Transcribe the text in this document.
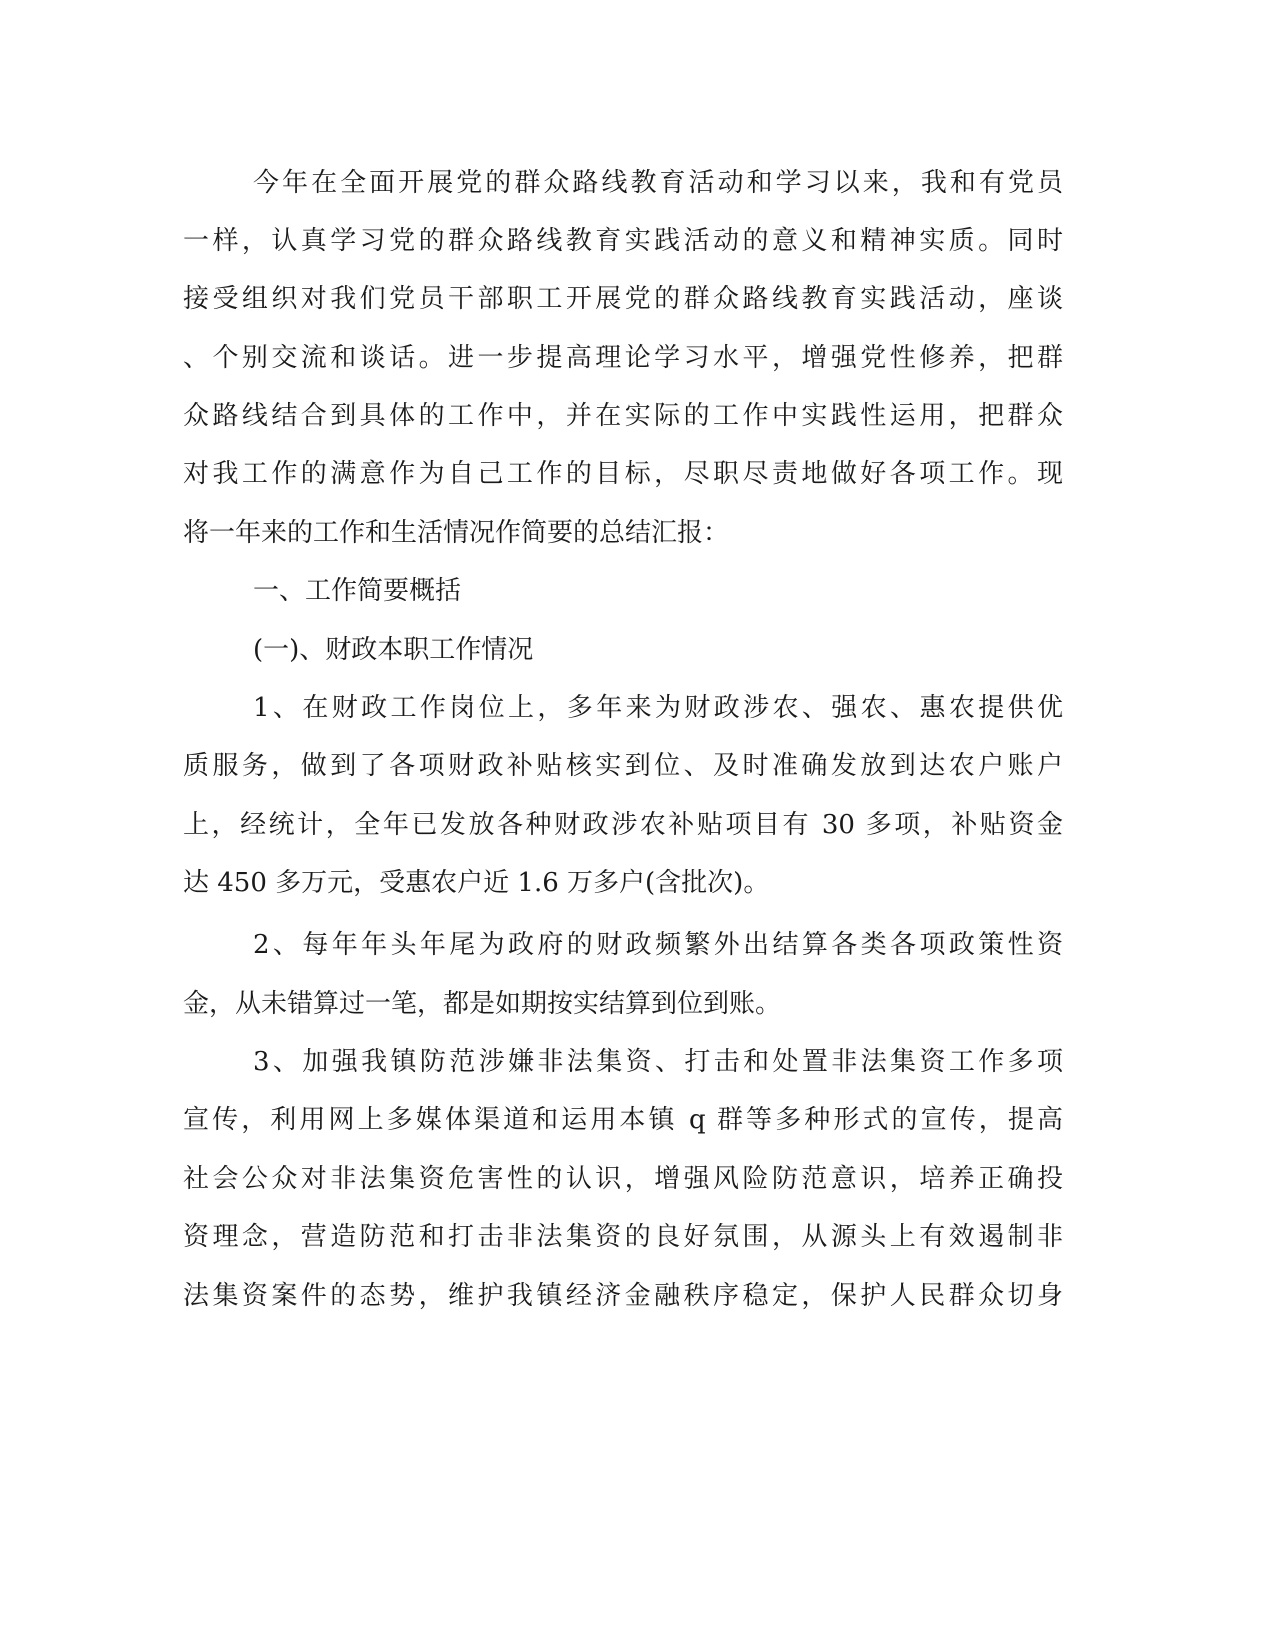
今年在全面开展党的群众路线教育活动和学习以来，我和有党员
一样，认真学习党的群众路线教育实践活动的意义和精神实质。同时
接受组织对我们党员干部职工开展党的群众路线教育实践活动，座谈
、个别交流和谈话。进一步提高理论学习水平，增强党性修养，把群
众路线结合到具体的工作中，并在实际的工作中实践性运用，把群众
对我工作的满意作为自己工作的目标，尽职尽责地做好各项工作。现
将一年来的工作和生活情况作简要的总结汇报：
一、工作简要概括
(一)、财政本职工作情况
1、在财政工作岗位上，多年来为财政涉农、强农、惠农提供优
质服务，做到了各项财政补贴核实到位、及时准确发放到达农户账户
上，经统计，全年已发放各种财政涉农补贴项目有 30 多项，补贴资金
达 450 多万元，受惠农户近 1.6 万多户(含批次)。
2、每年年头年尾为政府的财政频繁外出结算各类各项政策性资
金，从未错算过一笔，都是如期按实结算到位到账。
3、加强我镇防范涉嫌非法集资、打击和处置非法集资工作多项
宣传，利用网上多媒体渠道和运用本镇 q 群等多种形式的宣传，提高
社会公众对非法集资危害性的认识，增强风险防范意识，培养正确投
资理念，营造防范和打击非法集资的良好氛围，从源头上有效遏制非
法集资案件的态势，维护我镇经济金融秩序稳定，保护人民群众切身
